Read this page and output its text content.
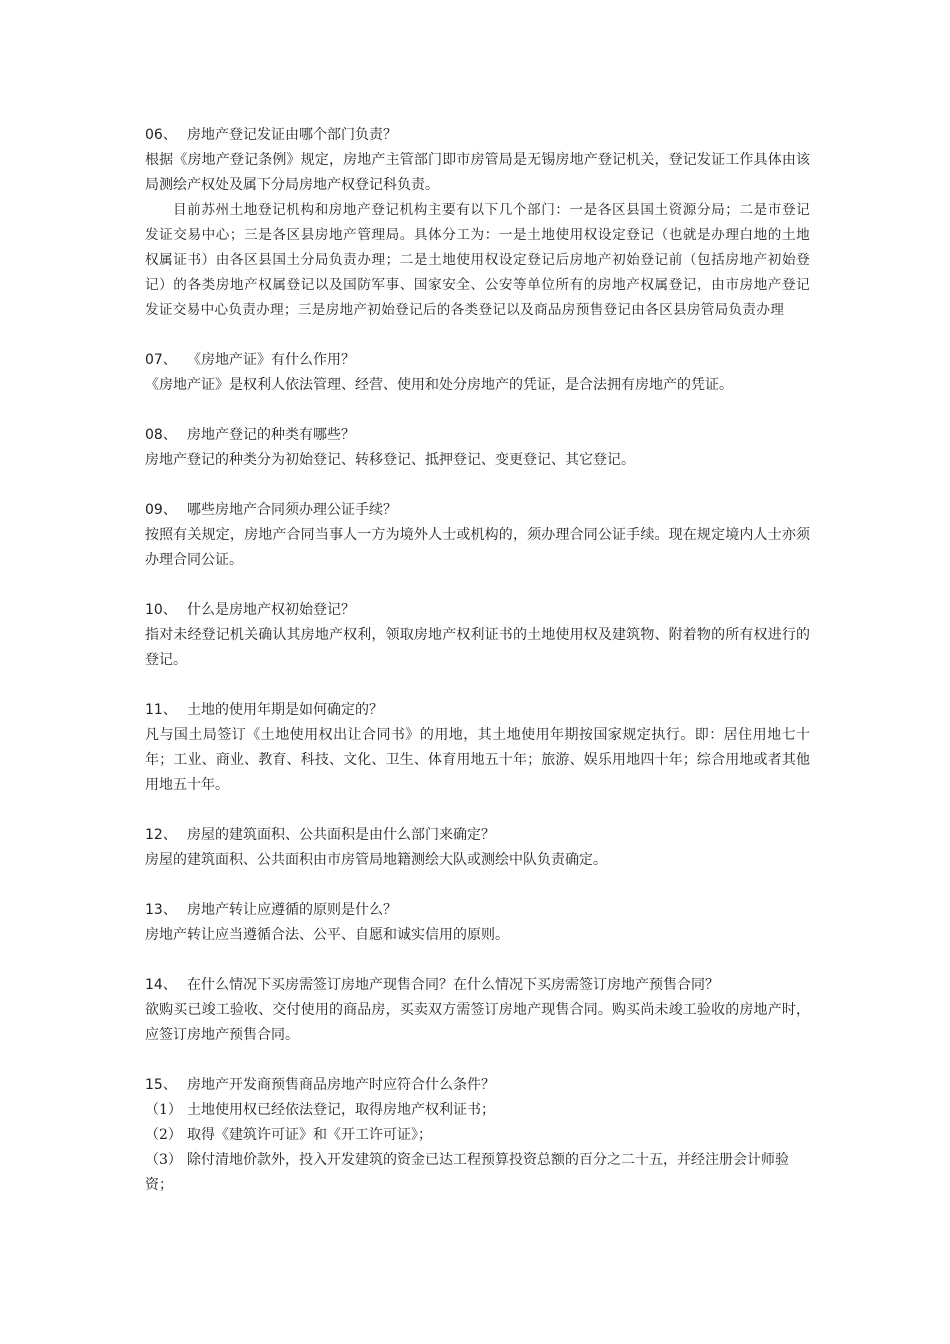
06、 房地产登记发证由哪个部门负责？

根据《房地产登记条例》规定，房地产主管部门即市房管局是无锡房地产登记机关，登记发证工作具体由该局测绘产权处及属下分局房地产权登记科负责。

目前苏州土地登记机构和房地产登记机构主要有以下几个部门：一是各区县国土资源分局；二是市登记发证交易中心；三是各区县房地产管理局。具体分工为：一是土地使用权设定登记（也就是办理白地的土地权属证书）由各区县国土分局负责办理；二是土地使用权设定登记后房地产初始登记前（包括房地产初始登记）的各类房地产权属登记以及国防军事、国家安全、公安等单位所有的房地产权属登记，由市房地产登记发证交易中心负责办理；三是房地产初始登记后的各类登记以及商品房预售登记由各区县房管局负责办理

07、 《房地产证》有什么作用？

《房地产证》是权利人依法管理、经营、使用和处分房地产的凭证，是合法拥有房地产的凭证。

08、 房地产登记的种类有哪些？

房地产登记的种类分为初始登记、转移登记、抵押登记、变更登记、其它登记。

09、 哪些房地产合同须办理公证手续？

按照有关规定，房地产合同当事人一方为境外人士或机构的，须办理合同公证手续。现在规定境内人士亦须办理合同公证。

10、 什么是房地产权初始登记？

指对未经登记机关确认其房地产权利，领取房地产权利证书的土地使用权及建筑物、附着物的所有权进行的登记。

11、 土地的使用年期是如何确定的？

凡与国土局签订《土地使用权出让合同书》的用地，其土地使用年期按国家规定执行。即：居住用地七十年；工业、商业、教育、科技、文化、卫生、体育用地五十年；旅游、娱乐用地四十年；综合用地或者其他用地五十年。

12、 房屋的建筑面积、公共面积是由什么部门来确定？

房屋的建筑面积、公共面积由市房管局地籍测绘大队或测绘中队负责确定。

13、 房地产转让应遵循的原则是什么？

房地产转让应当遵循合法、公平、自愿和诚实信用的原则。

14、 在什么情况下买房需签订房地产现售合同？在什么情况下买房需签订房地产预售合同？

欲购买已竣工验收、交付使用的商品房，买卖双方需签订房地产现售合同。购买尚未竣工验收的房地产时，应签订房地产预售合同。

15、 房地产开发商预售商品房地产时应符合什么条件？

（1） 土地使用权已经依法登记，取得房地产权利证书；

（2） 取得《建筑许可证》和《开工许可证》；

（3） 除付清地价款外，投入开发建筑的资金已达工程预算投资总额的百分之二十五，并经注册会计师验资；
